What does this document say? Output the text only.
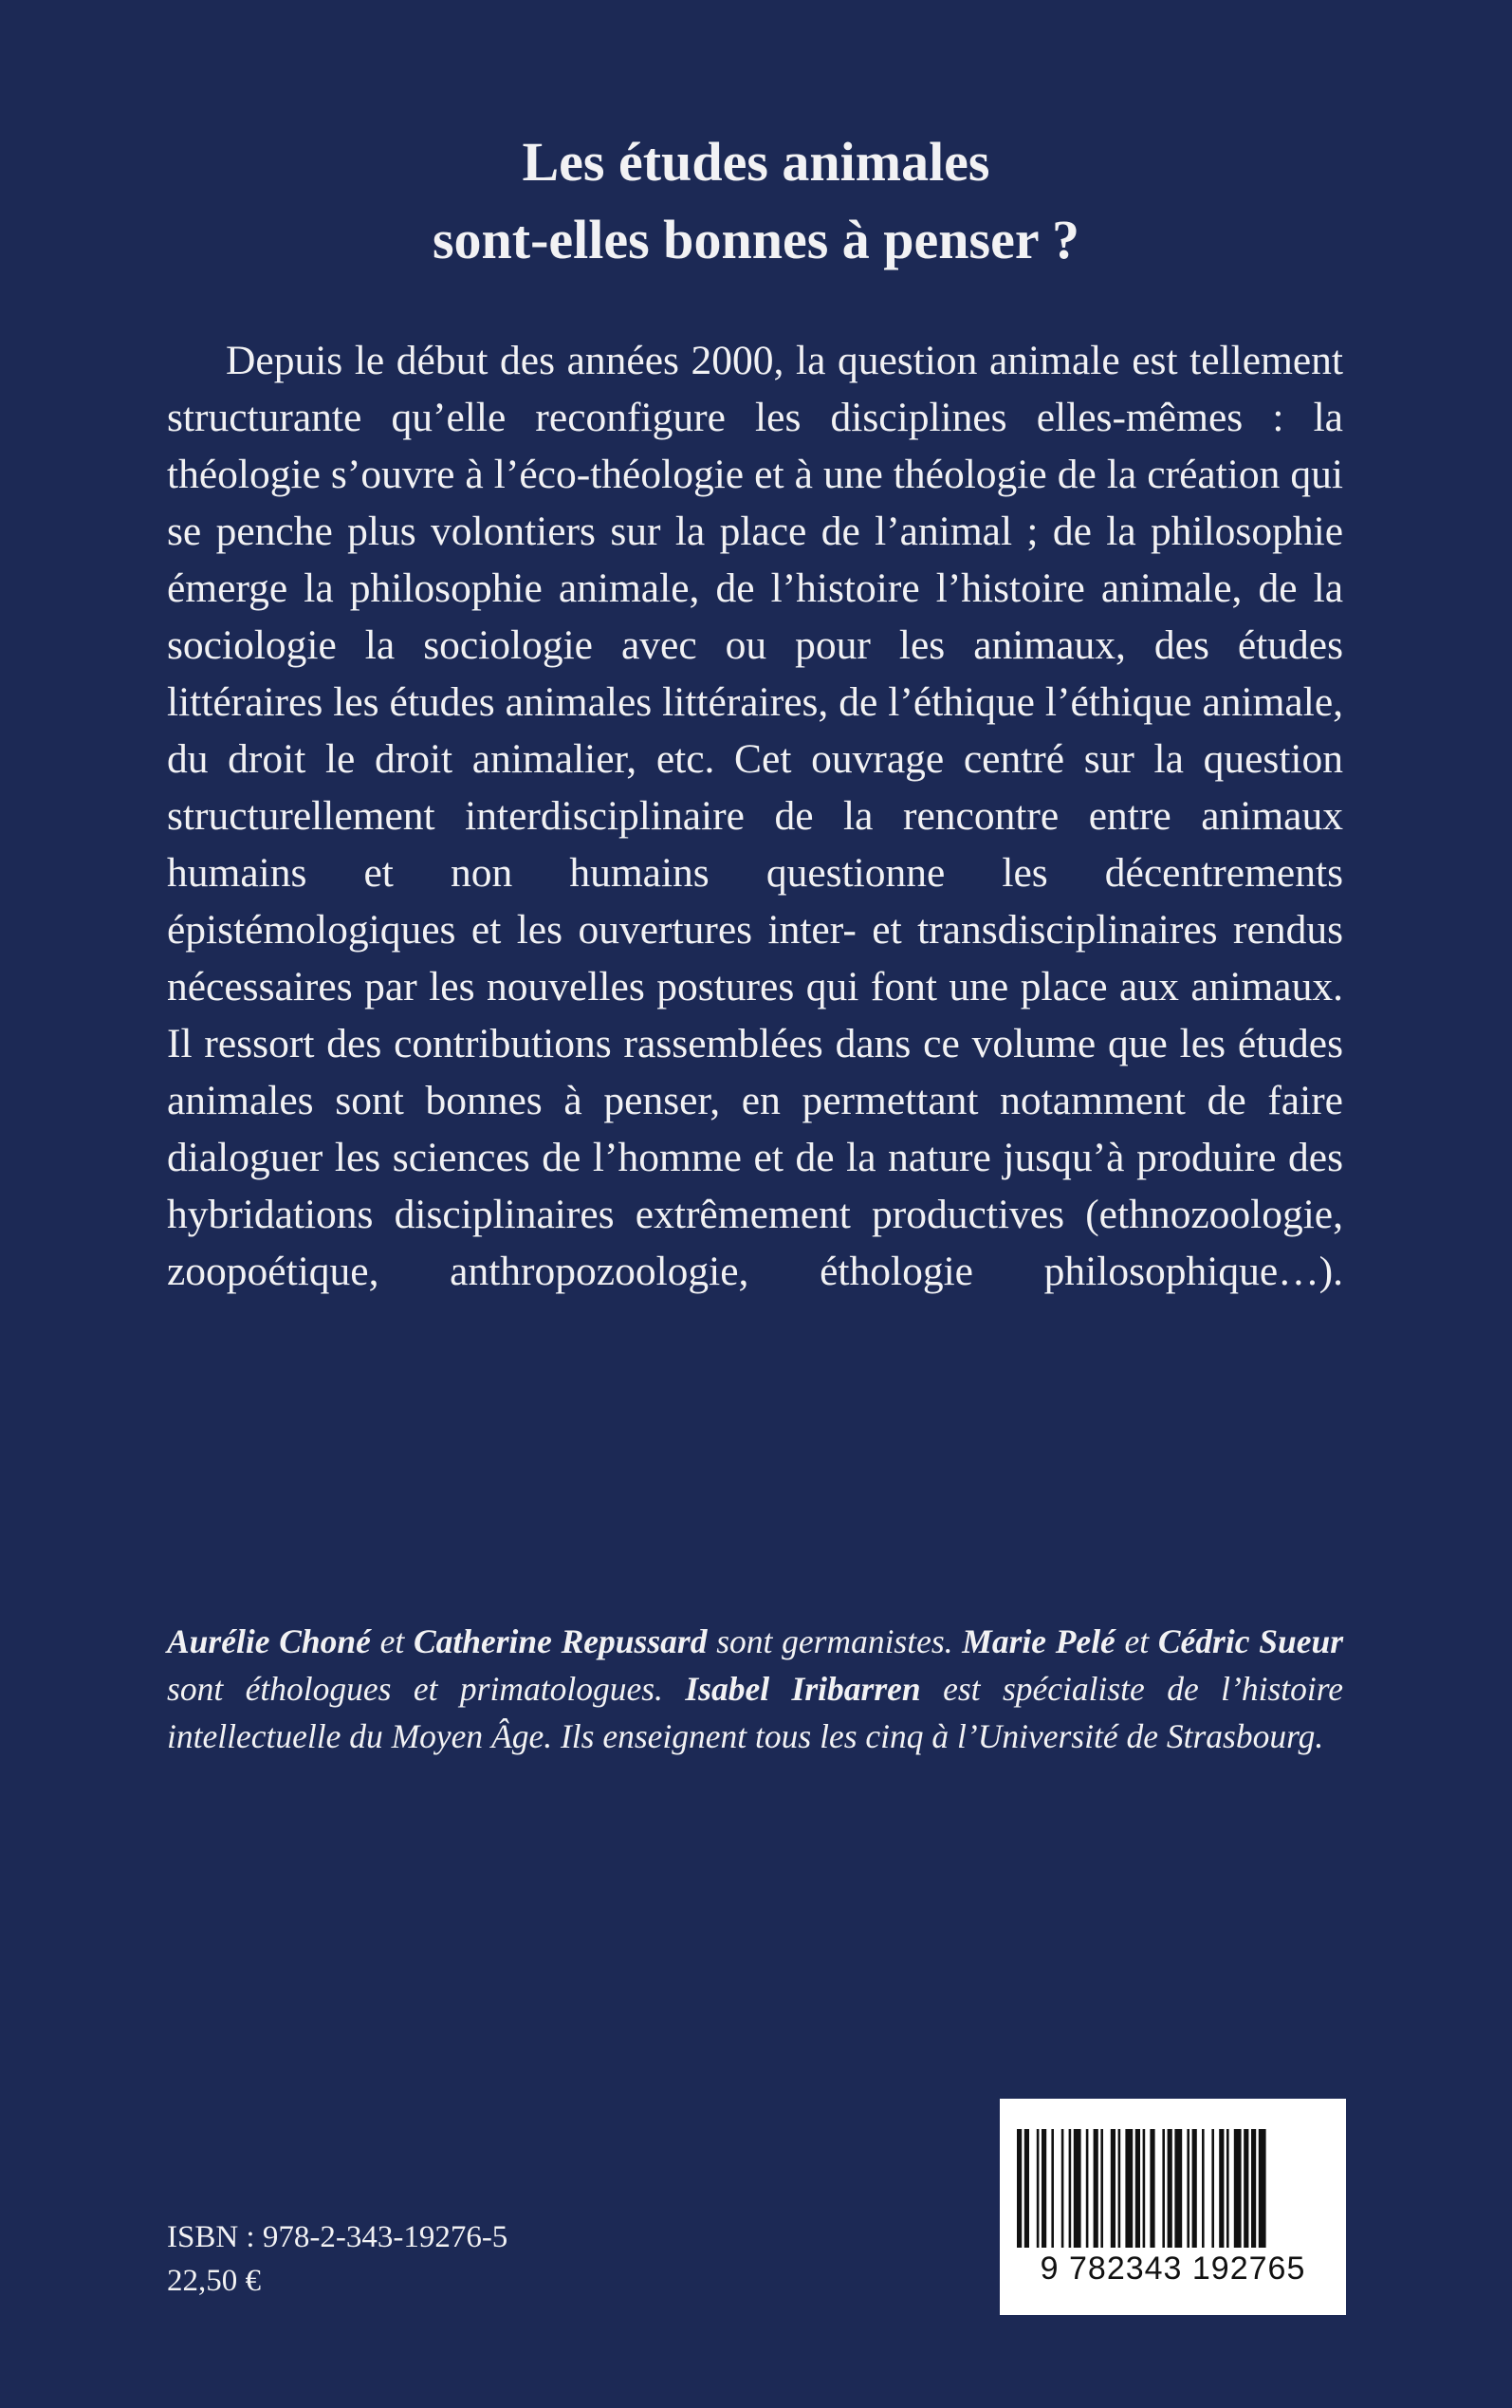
Les études animales
sont-elles bonnes à penser ?

Depuis le début des années 2000, la question animale est tellement structurante qu’elle reconfigure les disciplines elles-mêmes : la théologie s’ouvre à l’éco-théologie et à une théologie de la création qui se penche plus volontiers sur la place de l’animal ; de la philosophie émerge la philosophie animale, de l’histoire l’histoire animale, de la sociologie la sociologie avec ou pour les animaux, des études littéraires les études animales littéraires, de l’éthique l’éthique animale, du droit le droit animalier, etc. Cet ouvrage centré sur la question structurellement interdisciplinaire de la rencontre entre animaux humains et non humains questionne les décentrements épistémologiques et les ouvertures inter- et transdisciplinaires rendus nécessaires par les nouvelles postures qui font une place aux animaux. Il ressort des contributions rassemblées dans ce volume que les études animales sont bonnes à penser, en permettant notamment de faire dialoguer les sciences de l’homme et de la nature jusqu’à produire des hybridations disciplinaires extrêmement productives (ethnozoologie, zoopoétique, anthropozoologie, éthologie philosophique…).

Aurélie Choné et Catherine Repussard sont germanistes. Marie Pelé et Cédric Sueur sont éthologues et primatologues. Isabel Iribarren est spécialiste de l’histoire intellectuelle du Moyen Âge. Ils enseignent tous les cinq à l’Université de Strasbourg.

ISBN : 978-2-343-19276-5
22,50 €	9 782343 192765
